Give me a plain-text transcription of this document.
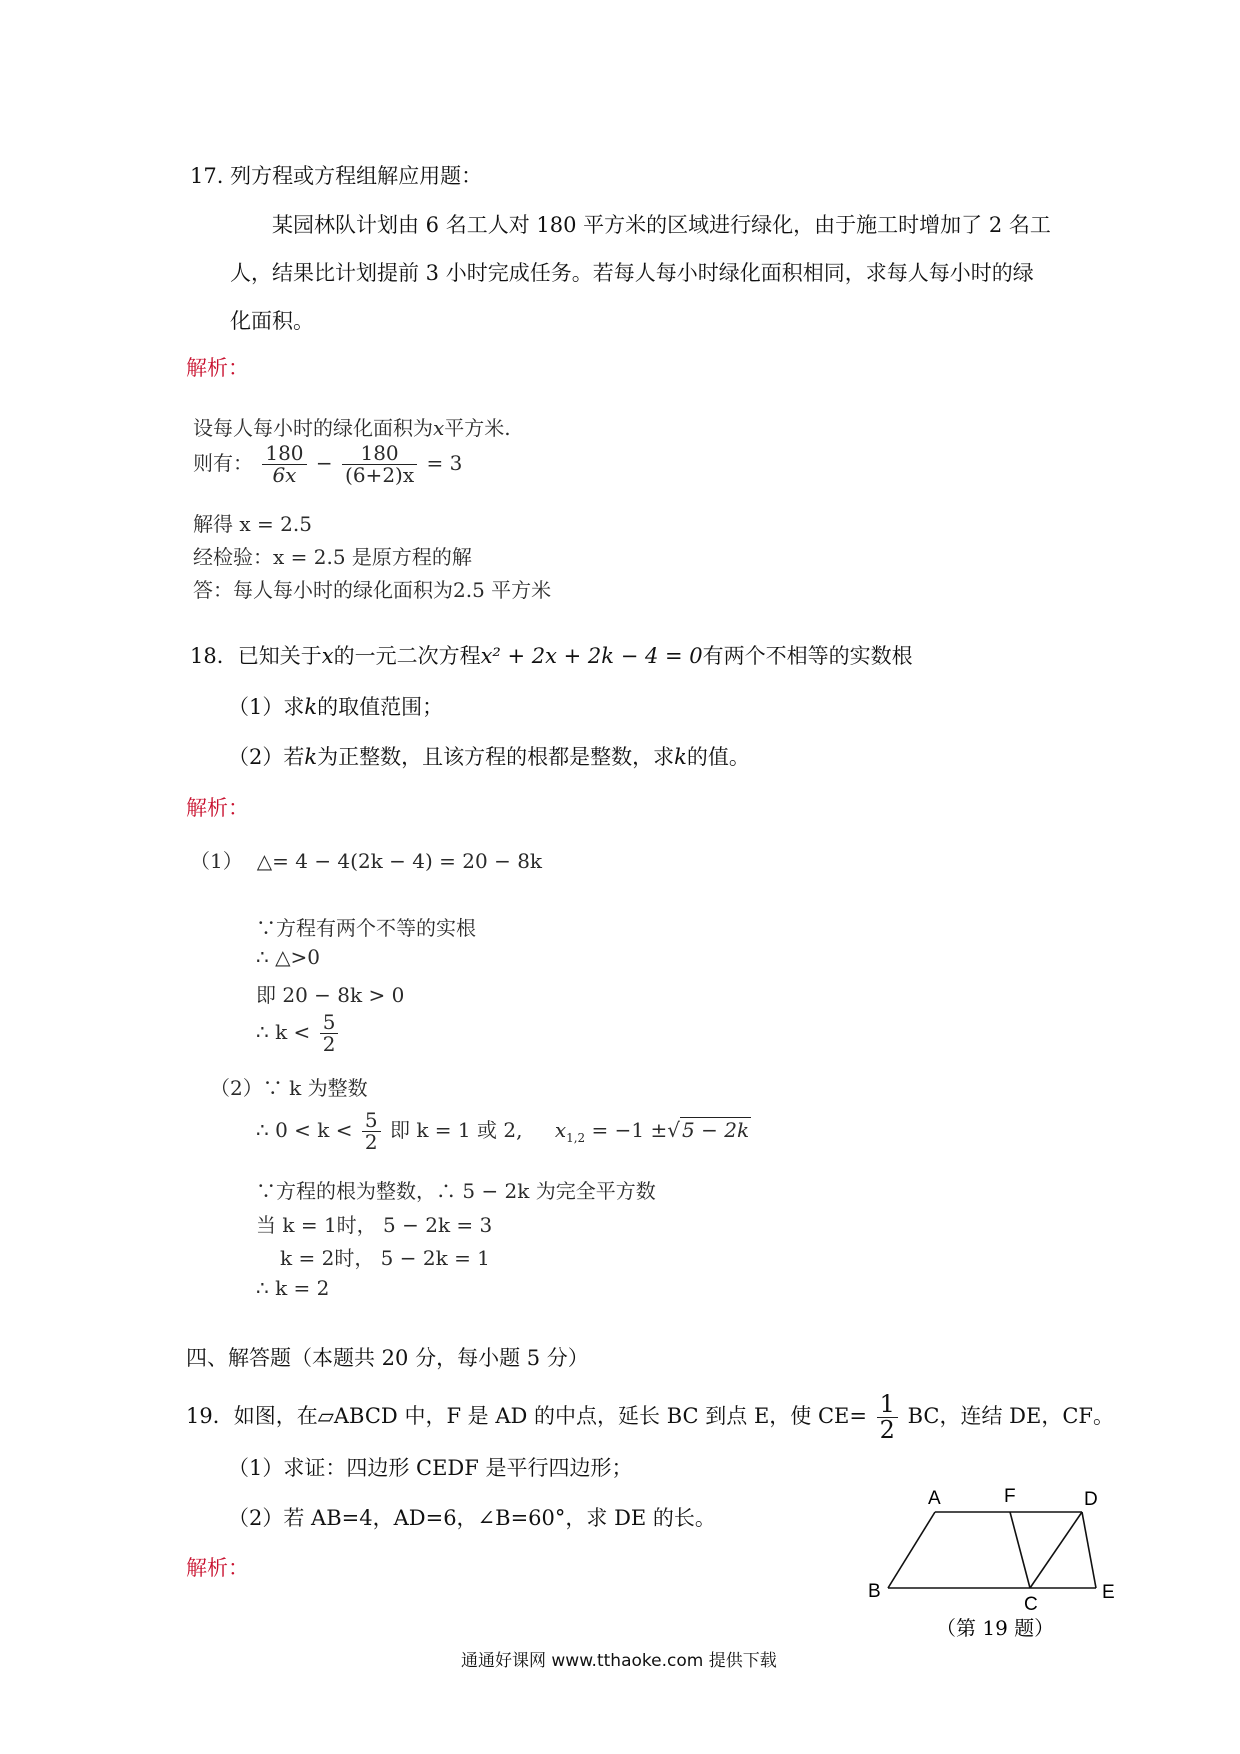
17. 列方程或方程组解应用题：
某园林队计划由 6 名工人对 180 平方米的区域进行绿化，由于施工时增加了 2 名工
人，结果比计划提前 3 小时完成任务。若每人每小时绿化面积相同，求每人每小时的绿
化面积。
解析：
设每人每小时的绿化面积为x平方米.
则有： $\frac{180}{6x} - \frac{180}{(6+2)x} = 3$
解得 x = 2.5
经检验：x = 2.5 是原方程的解
答：每人每小时的绿化面积为2.5 平方米
18．已知关于x的一元二次方程x² + 2x + 2k − 4 = 0有两个不相等的实数根
（1）求k的取值范围；
（2）若k为正整数，且该方程的根都是整数，求k的值。
解析：
（1） △= 4 − 4(2k − 4) = 20 − 8k
∵方程有两个不等的实根
∴ △>0
即 20 − 8k > 0
∴ $k < \frac{5}{2}$
（2）∵ k 为整数
∴ $0 < k < \frac{5}{2}$ 即 k = 1 或 2, $x_{1,2} = -1$ ±√ 5 − 2k
∵方程的根为整数，∴ 5 − 2k 为完全平方数
当 k = 1时， 5 − 2k = 3
k = 2时， 5 − 2k = 1
∴ k = 2
四、解答题（本题共 20 分，每小题 5 分）
19．如图，在▱ABCD 中，F 是 AD 的中点，延长 BC 到点 E，使 $CE= \frac{1}{2}$ BC，连结 DE，CF。
（1）求证：四边形 CEDF 是平行四边形；
（2）若 AB=4，AD=6，∠B=60°，求 DE 的长。
解析：
A	F	D
B
C
E
（第 19 题）
通通好课网 www.tthaoke.com 提供下载
